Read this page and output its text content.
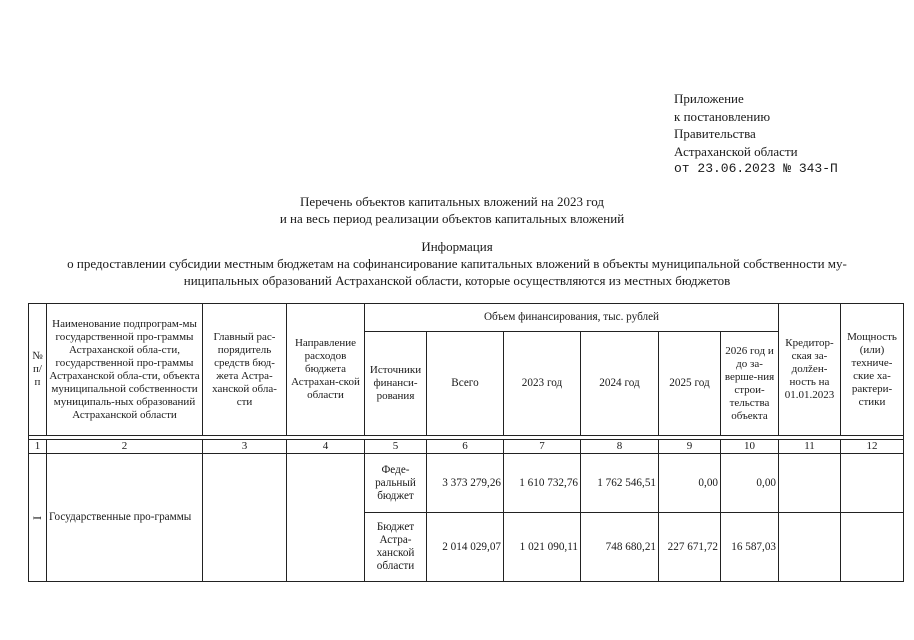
Приложение
к постановлению
Правительства
Астраханской области
от 23.06.2023 № 343-П
Перечень объектов капитальных вложений на 2023 год
и на весь период реализации объектов капитальных вложений
Информация
о предоставлении субсидии местным бюджетам на софинансирование капитальных вложений в объекты муниципальной собственности му-
ниципальных образований Астраханской области, которые осуществляются из местных бюджетов
№ п/п	Наименование подпрограм-мы государственной про-граммы Астраханской обла-сти, государственной про-граммы Астраханской обла-сти, объекта муниципальной собственности муниципаль-ных образований Астраханской области	Главный рас-порядитель средств бюд-жета Астра-ханской обла-сти	Направление расходов бюджета Астрахан-ской области	Объем финансирования, тыс. рублей						Кредитор-ская за-долžен-ность на 01.01.2023	Мощность (или) техниче-ские ха-рактери-стики
				Источники финанси-рования	Всего	2023 год	2024 год	2025 год	2026 год и до за-верше-ния строи-тельства объекта		

1	2	3	4	5	6	7	8	9	10	11	12
I	Государственные про-граммы			Феде-ральный бюджет	3 373 279,26	1 610 732,76	1 762 546,51	0,00	0,00		
				Бюджет Астра-ханской области	2 014 029,07	1 021 090,11	748 680,21	227 671,72	16 587,03		
